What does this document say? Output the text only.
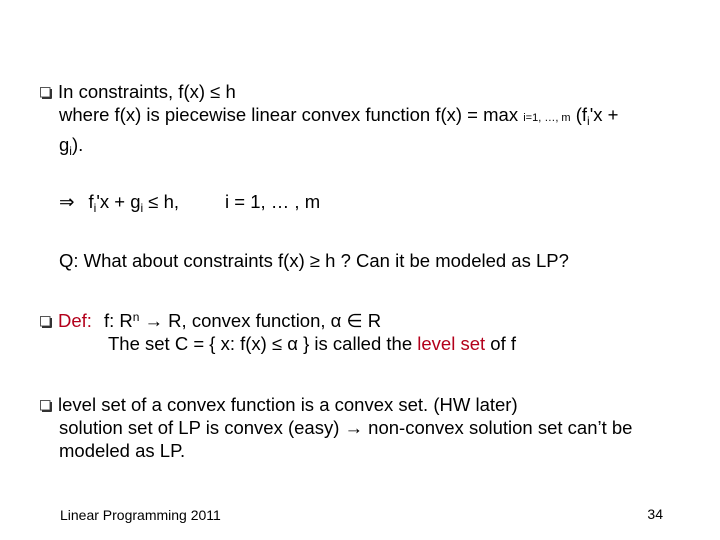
In constraints, f(x) ≤ h
where f(x) is piecewise linear convex function f(x) = max i=1, …, m ($f_i'x$ +
$g_i$).
⇒ $f_i'x + g_i \le h$, i = 1, … , m
Q: What about constraints f(x) ≥ h ? Can it be modeled as LP?
Def: f: $R^n \to R$, convex function, α ∈ R
The set C = { x: f(x) ≤ α } is called the level set of f
level set of a convex function is a convex set. (HW later)
solution set of LP is convex (easy) → non-convex solution set can’t be
modeled as LP.
Linear Programming 2011	34
